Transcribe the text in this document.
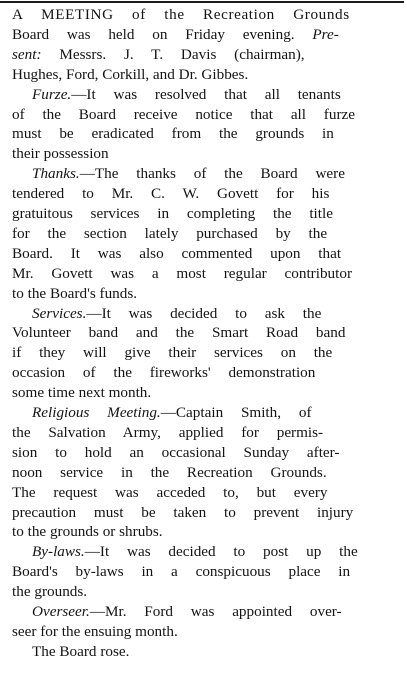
A MEETING of the Recreation Grounds
Board was held on Friday evening. Pre-
sent: Messrs. J. T. Davis (chairman),
Hughes, Ford, Corkill, and Dr. Gibbes.
Furze.—It was resolved that all tenants
of the Board receive notice that all furze
must be eradicated from the grounds in
their possession
Thanks.—The thanks of the Board were
tendered to Mr. C. W. Govett for his
gratuitous services in completing the title
for the section lately purchased by the
Board. It was also commented upon that
Mr. Govett was a most regular contributor
to the Board's funds.
Services.—It was decided to ask the
Volunteer band and the Smart Road band
if they will give their services on the
occasion of the fireworks' demonstration
some time next month.
Religious Meeting.—Captain Smith, of
the Salvation Army, applied for permis-
sion to hold an occasional Sunday after-
noon service in the Recreation Grounds.
The request was acceded to, but every
precaution must be taken to prevent injury
to the grounds or shrubs.
By-laws.—It was decided to post up the
Board's by-laws in a conspicuous place in
the grounds.
Overseer.—Mr. Ford was appointed over-
seer for the ensuing month.
The Board rose.
